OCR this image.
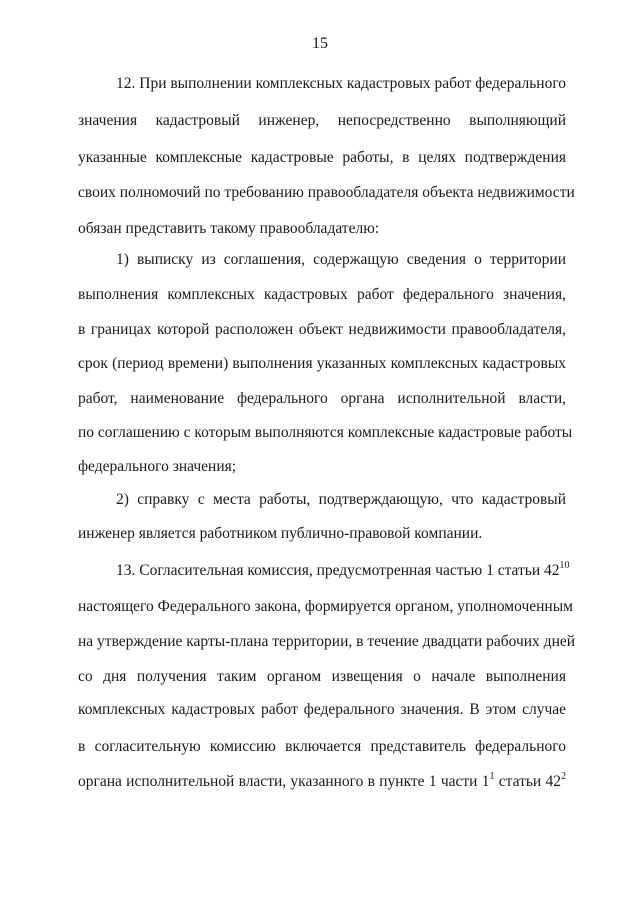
15
12. При выполнении комплексных кадастровых работ федерального
значения кадастровый инженер, непосредственно выполняющий
указанные комплексные кадастровые работы, в целях подтверждения
своих полномочий по требованию правообладателя объекта недвижимости
обязан представить такому правообладателю:
1) выписку из соглашения, содержащую сведения о территории
выполнения комплексных кадастровых работ федерального значения,
в границах которой расположен объект недвижимости правообладателя,
срок (период времени) выполнения указанных комплексных кадастровых
работ, наименование федерального органа исполнительной власти,
по соглашению с которым выполняются комплексные кадастровые работы
федерального значения;
2) справку с места работы, подтверждающую, что кадастровый
инженер является работником публично-правовой компании.
13. Согласительная комиссия, предусмотренная частью 1 статьи $42^{10}$
настоящего Федерального закона, формируется органом, уполномоченным
на утверждение карты-плана территории, в течение двадцати рабочих дней
со дня получения таким органом извещения о начале выполнения
комплексных кадастровых работ федерального значения. В этом случае
в согласительную комиссию включается представитель федерального
органа исполнительной власти, указанного в пункте 1 части $1^1$ статьи $42^2$
